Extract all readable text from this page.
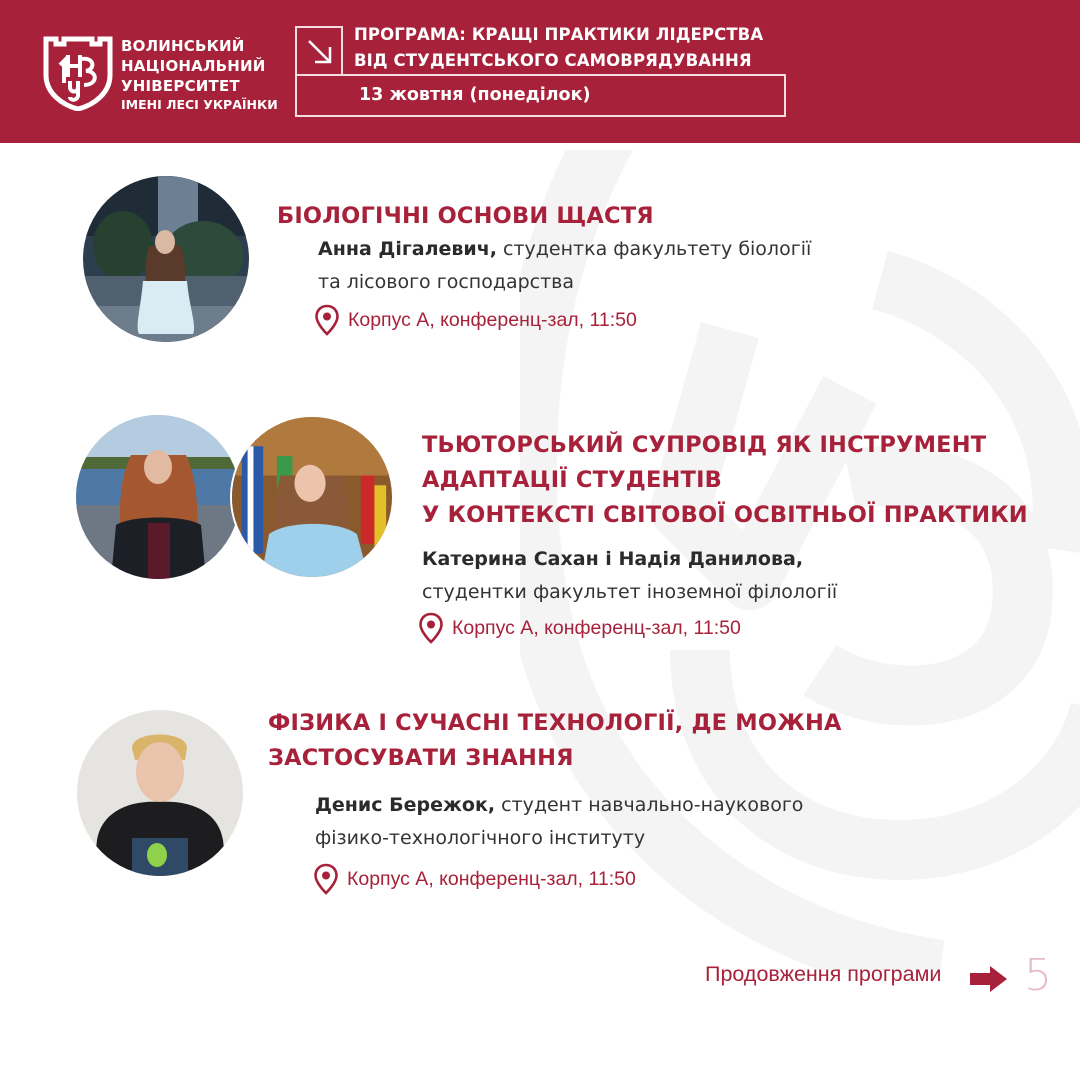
ВОЛИНСЬКИЙ
НАЦІОНАЛЬНИЙ
УНІВЕРСИТЕТ
ІМЕНІ ЛЕСІ УКРАЇНКИ
ПРОГРАМА: КРАЩІ ПРАКТИКИ ЛІДЕРСТВА
ВІД СТУДЕНТСЬКОГО САМОВРЯДУВАННЯ
13 жовтня (понеділок)
БІОЛОГІЧНІ ОСНОВИ ЩАСТЯ
Анна Дігалевич, студентка факультету біології
та лісового господарства
Корпус А, конференц-зал, 11:50
ТЬЮТОРСЬКИЙ СУПРОВІД ЯК ІНСТРУМЕНТ
АДАПТАЦІЇ СТУДЕНТІВ
У КОНТЕКСТІ СВІТОВОЇ ОСВІТНЬОЇ ПРАКТИКИ
Катерина Сахан і Надія Данилова,
студентки факультет іноземної філології
Корпус А, конференц-зал, 11:50
ФІЗИКА І СУЧАСНІ ТЕХНОЛОГІЇ, ДЕ МОЖНА
ЗАСТОСУВАТИ ЗНАННЯ
Денис Бережок, студент навчально-наукового
фізико-технологічного інституту
Корпус А, конференц-зал, 11:50
Продовження програми 5
